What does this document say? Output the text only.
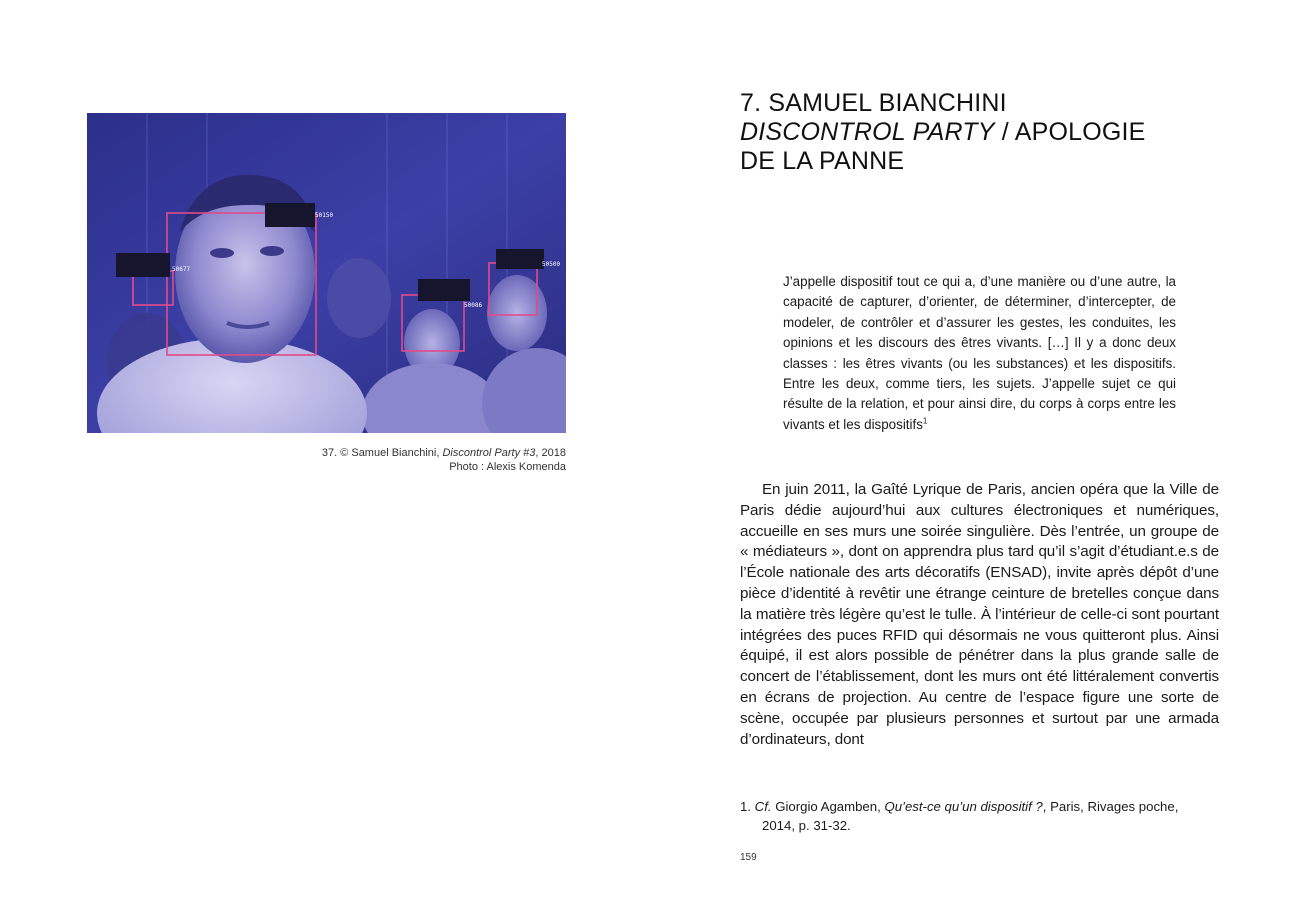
50677
50150
50086
50500
37. © Samuel Bianchini, Discontrol Party #3, 2018
Photo : Alexis Komenda
7. SAMUEL BIANCHINI
DISCONTROL PARTY / APOLOGIE
DE LA PANNE
J’appelle dispositif tout ce qui a, d’une manière ou d’une autre, la capacité de capturer, d’orienter, de déterminer, d’intercepter, de modeler, de contrôler et d’assurer les gestes, les conduites, les opinions et les discours des êtres vivants. […] Il y a donc deux classes : les êtres vivants (ou les substances) et les dispositifs. Entre les deux, comme tiers, les sujets. J’appelle sujet ce qui résulte de la relation, et pour ainsi dire, du corps à corps entre les vivants et les dispositifs$^1$
En juin 2011, la Gaîté Lyrique de Paris, ancien opéra que la Ville de Paris dédie aujourd’hui aux cultures électroniques et numériques, accueille en ses murs une soirée singulière. Dès l’entrée, un groupe de « médiateurs », dont on apprendra plus tard qu’il s’agit d’étudiant.e.s de l’École nationale des arts décoratifs (ENSAD), invite après dépôt d’une pièce d’identité à revêtir une étrange ceinture de bretelles conçue dans la matière très légère qu’est le tulle. À l’intérieur de celle-ci sont pourtant intégrées des puces RFID qui désormais ne vous quitteront plus. Ainsi équipé, il est alors possible de pénétrer dans la plus grande salle de concert de l’établissement, dont les murs ont été littéralement convertis en écrans de projection. Au centre de l’espace figure une sorte de scène, occupée par plusieurs personnes et surtout par une armada d’ordinateurs, dont
1. Cf. Giorgio Agamben, Qu’est-ce qu’un dispositif ?, Paris, Rivages poche,
2014, p. 31-32.
159
